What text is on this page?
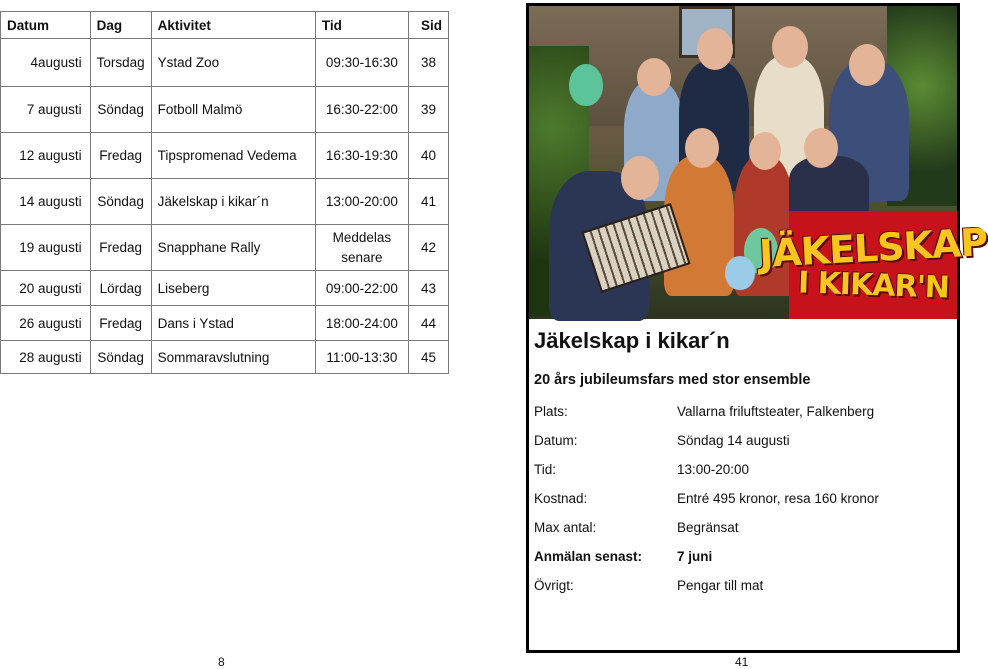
Datum	Dag	Aktivitet	Tid	Sid
4augusti	Torsdag	Ystad Zoo	09:30-16:30	38
7 augusti	Söndag	Fotboll Malmö	16:30-22:00	39
12 augusti	Fredag	Tipspromenad Vedema	16:30-19:30	40
14 augusti	Söndag	Jäkelskap i kikar´n	13:00-20:00	41
19 augusti	Fredag	Snapphane Rally	Meddelas senare	42
20 augusti	Lördag	Liseberg	09:00-22:00	43
26 augusti	Fredag	Dans i Ystad	18:00-24:00	44
28 augusti	Söndag	Sommaravslutning	11:00-13:30	45
JÄKELSKAP
I KIKAR'N
Jäkelskap i kikar´n
20 års jubileumsfars med stor ensemble
Plats:	Vallarna friluftsteater, Falkenberg
Datum:	Söndag 14 augusti
Tid:	13:00-20:00
Kostnad:	Entré 495 kronor, resa 160 kronor
Max antal:	Begränsat
Anmälan senast:	7 juni
Övrigt:	Pengar till mat
8	41
